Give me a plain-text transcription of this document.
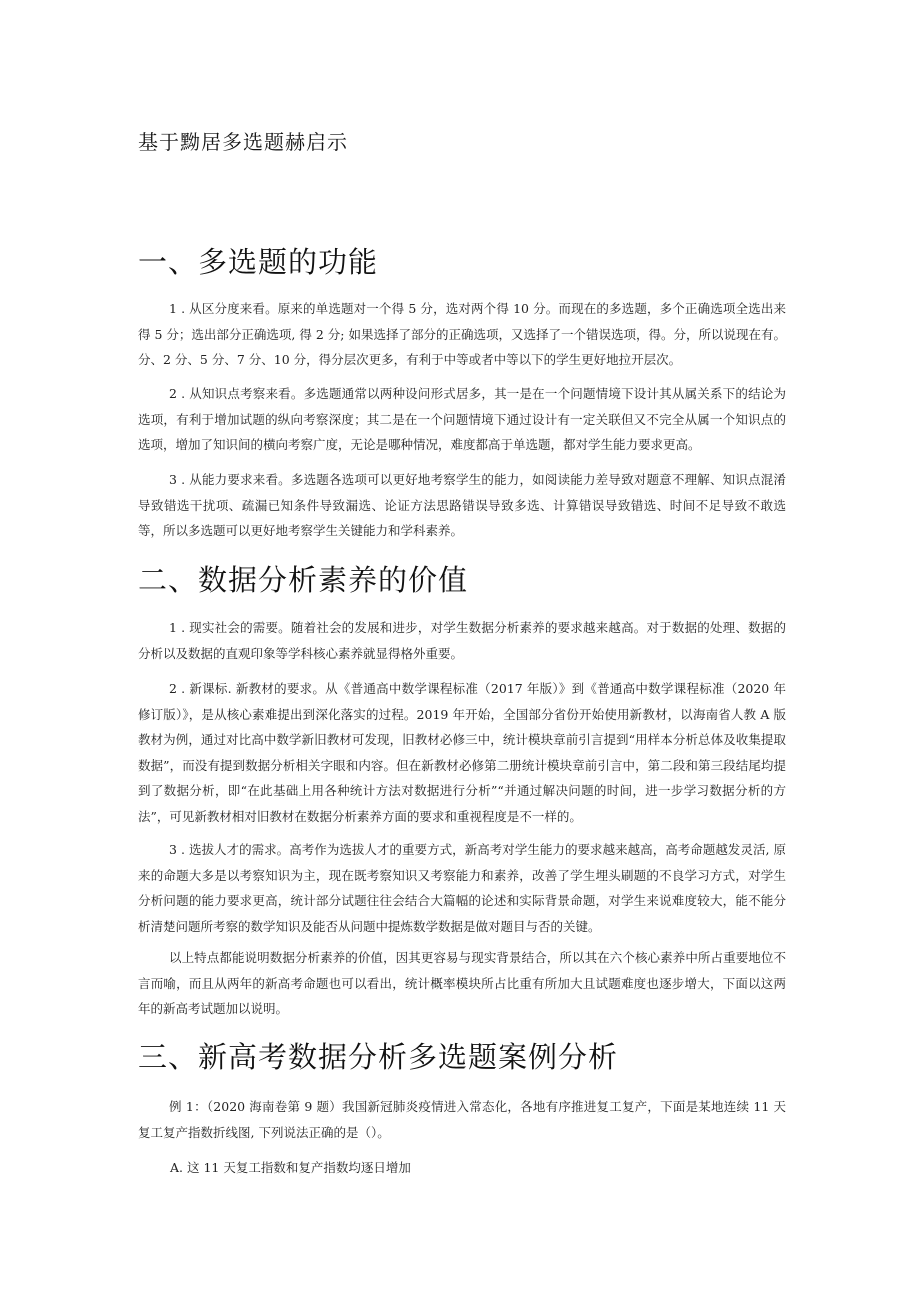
基于黝居多选题赫启示
一、多选题的功能

1 . 从区分度来看。原来的单选题对一个得 5 分，选对两个得 10 分。而现在的多选题，多个正确选项全选出来得 5 分；选出部分正确选项, 得 2 分; 如果选择了部分的正确选项，又选择了一个错误选项，得。分，所以说现在有。分、2 分、5 分、7 分、10 分，得分层次更多，有利于中等或者中等以下的学生更好地拉开层次。

2 . 从知识点考察来看。多选题通常以两种设问形式居多，其一是在一个问题情境下设计其从属关系下的结论为选项，有利于增加试题的纵向考察深度；其二是在一个问题情境下通过设计有一定关联但又不完全从属一个知识点的选项，增加了知识间的横向考察广度，无论是哪种情况，难度都高于单选题，都对学生能力要求更高。

3 . 从能力要求来看。多选题各选项可以更好地考察学生的能力，如阅读能力差导致对题意不理解、知识点混淆导致错选干扰项、疏漏已知条件导致漏选、论证方法思路错误导致多选、计算错误导致错选、时间不足导致不敢选等，所以多选题可以更好地考察学生关键能力和学科素养。

二、数据分析素养的价值

1 . 现实社会的需要。随着社会的发展和进步，对学生数据分析素养的要求越来越高。对于数据的处理、数据的分析以及数据的直观印象等学科核心素养就显得格外重要。

2 . 新课标. 新教材的要求。从《普通高中数学课程标准（2017 年版）》到《普通高中数学课程标准（2020 年修订版）》，是从核心素难提出到深化落实的过程。2019 年开始，全国部分省份开始使用新教材，以海南省人教 A 版教材为例，通过对比高中数学新旧教材可发现，旧教材必修三中，统计模块章前引言提到“用样本分析总体及收集提取数据”，而没有提到数据分析相关字眼和内容。但在新教材必修第二册统计模块章前引言中，第二段和第三段结尾均提到了数据分析，即“在此基础上用各种统计方法对数据进行分析”“并通过解决问题的时间，进一步学习数据分析的方法”，可见新教材相对旧教材在数据分析素养方面的要求和重视程度是不一样的。

3 . 选拔人才的需求。高考作为选拔人才的重要方式，新高考对学生能力的要求越来越高，高考命题越发灵活, 原来的命题大多是以考察知识为主，现在既考察知识又考察能力和素养，改善了学生埋头刷题的不良学习方式，对学生分析问题的能力要求更高，统计部分试题往往会结合大篇幅的论述和实际背景命题，对学生来说难度较大，能不能分析清楚问题所考察的数学知识及能否从问题中提炼数学数据是做对题目与否的关键。

以上特点都能说明数据分析素养的价值，因其更容易与现实背景结合，所以其在六个核心素养中所占重要地位不言而喻，而且从两年的新高考命题也可以看出，统计概率模块所占比重有所加大且试题难度也逐步增大，下面以这两年的新高考试题加以说明。

三、新高考数据分析多选题案例分析

例 1：（2020 海南卷第 9 题）我国新冠肺炎疫情进入常态化，各地有序推进复工复产，下面是某地连续 11 天复工复产指数折线图, 下列说法正确的是（）。

A. 这 11 天复工指数和复产指数均逐日增加
